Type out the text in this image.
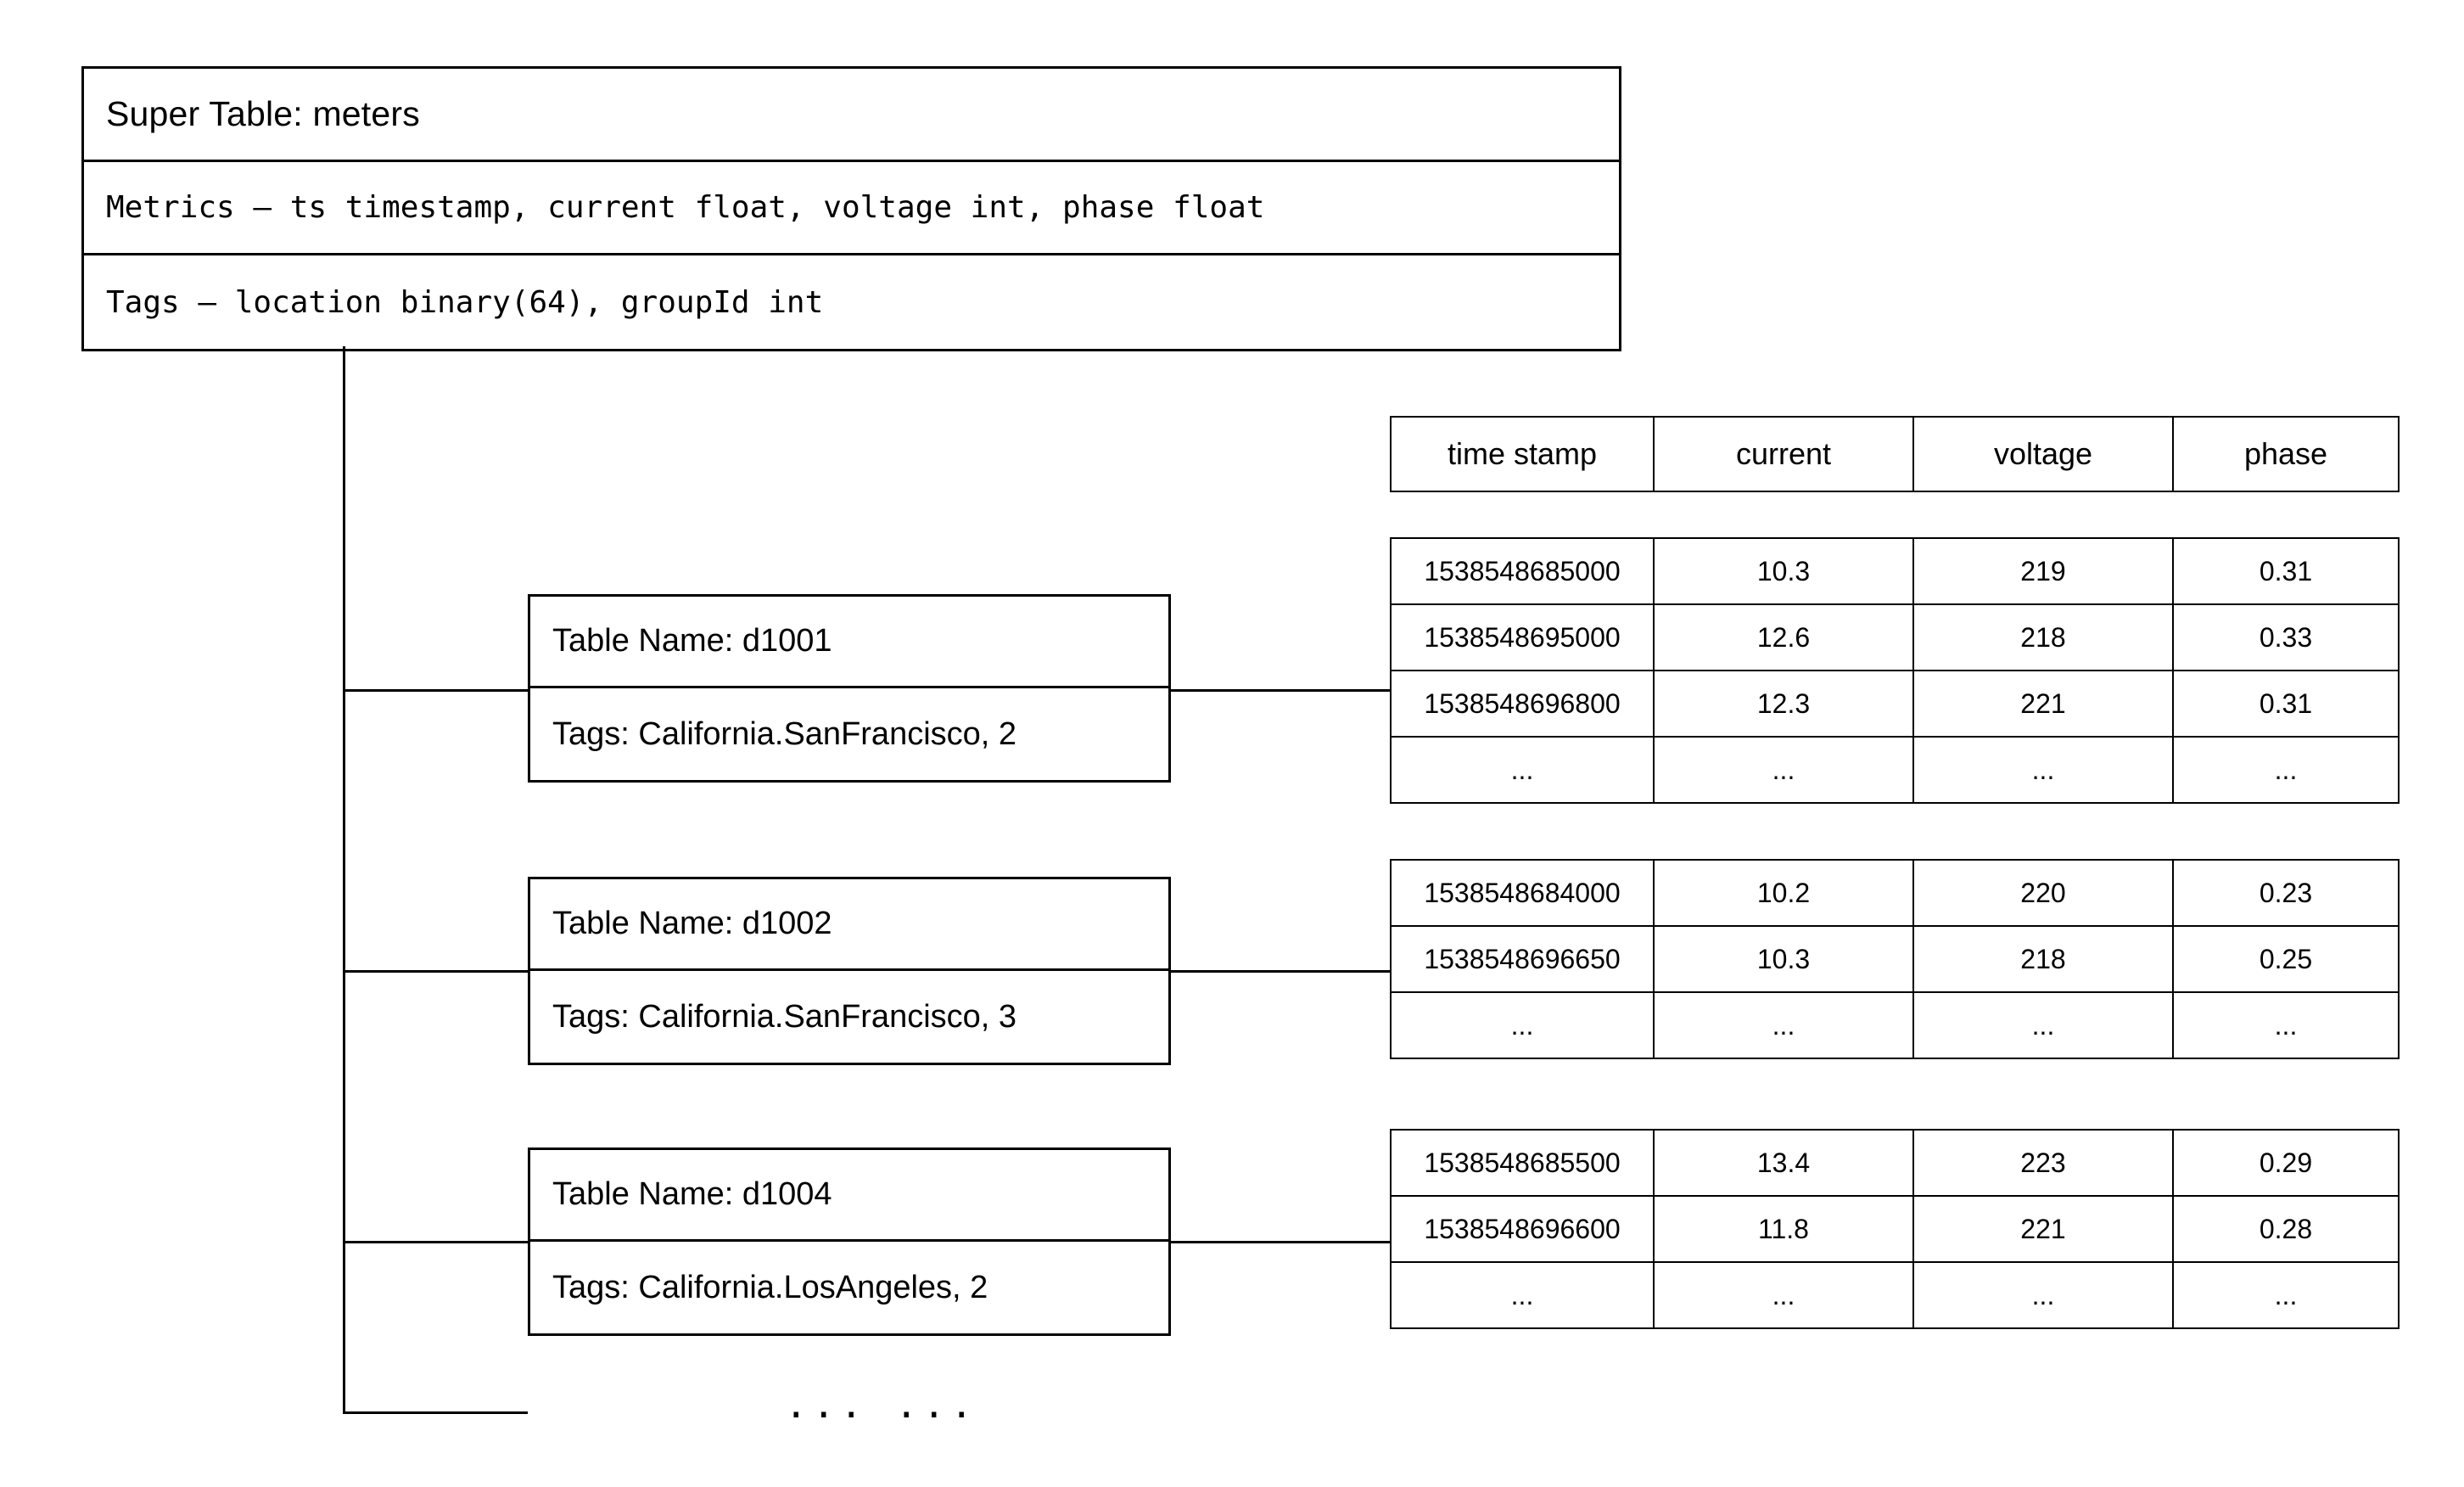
Super Table: meters
Metrics — ts timestamp, current float, voltage int, phase float
Tags — location binary(64), groupId int
time stamp	current	voltage	phase
Table Name: d1001
Tags: California.SanFrancisco, 2
1538548685000	10.3	219	0.31
1538548695000	12.6	218	0.33
1538548696800	12.3	221	0.31
...	...	...	...
Table Name: d1002
Tags: California.SanFrancisco, 3
1538548684000	10.2	220	0.23
1538548696650	10.3	218	0.25
...	...	...	...
Table Name: d1004
Tags: California.LosAngeles, 2
1538548685500	13.4	223	0.29
1538548696600	11.8	221	0.28
...	...	...	...
... ...
